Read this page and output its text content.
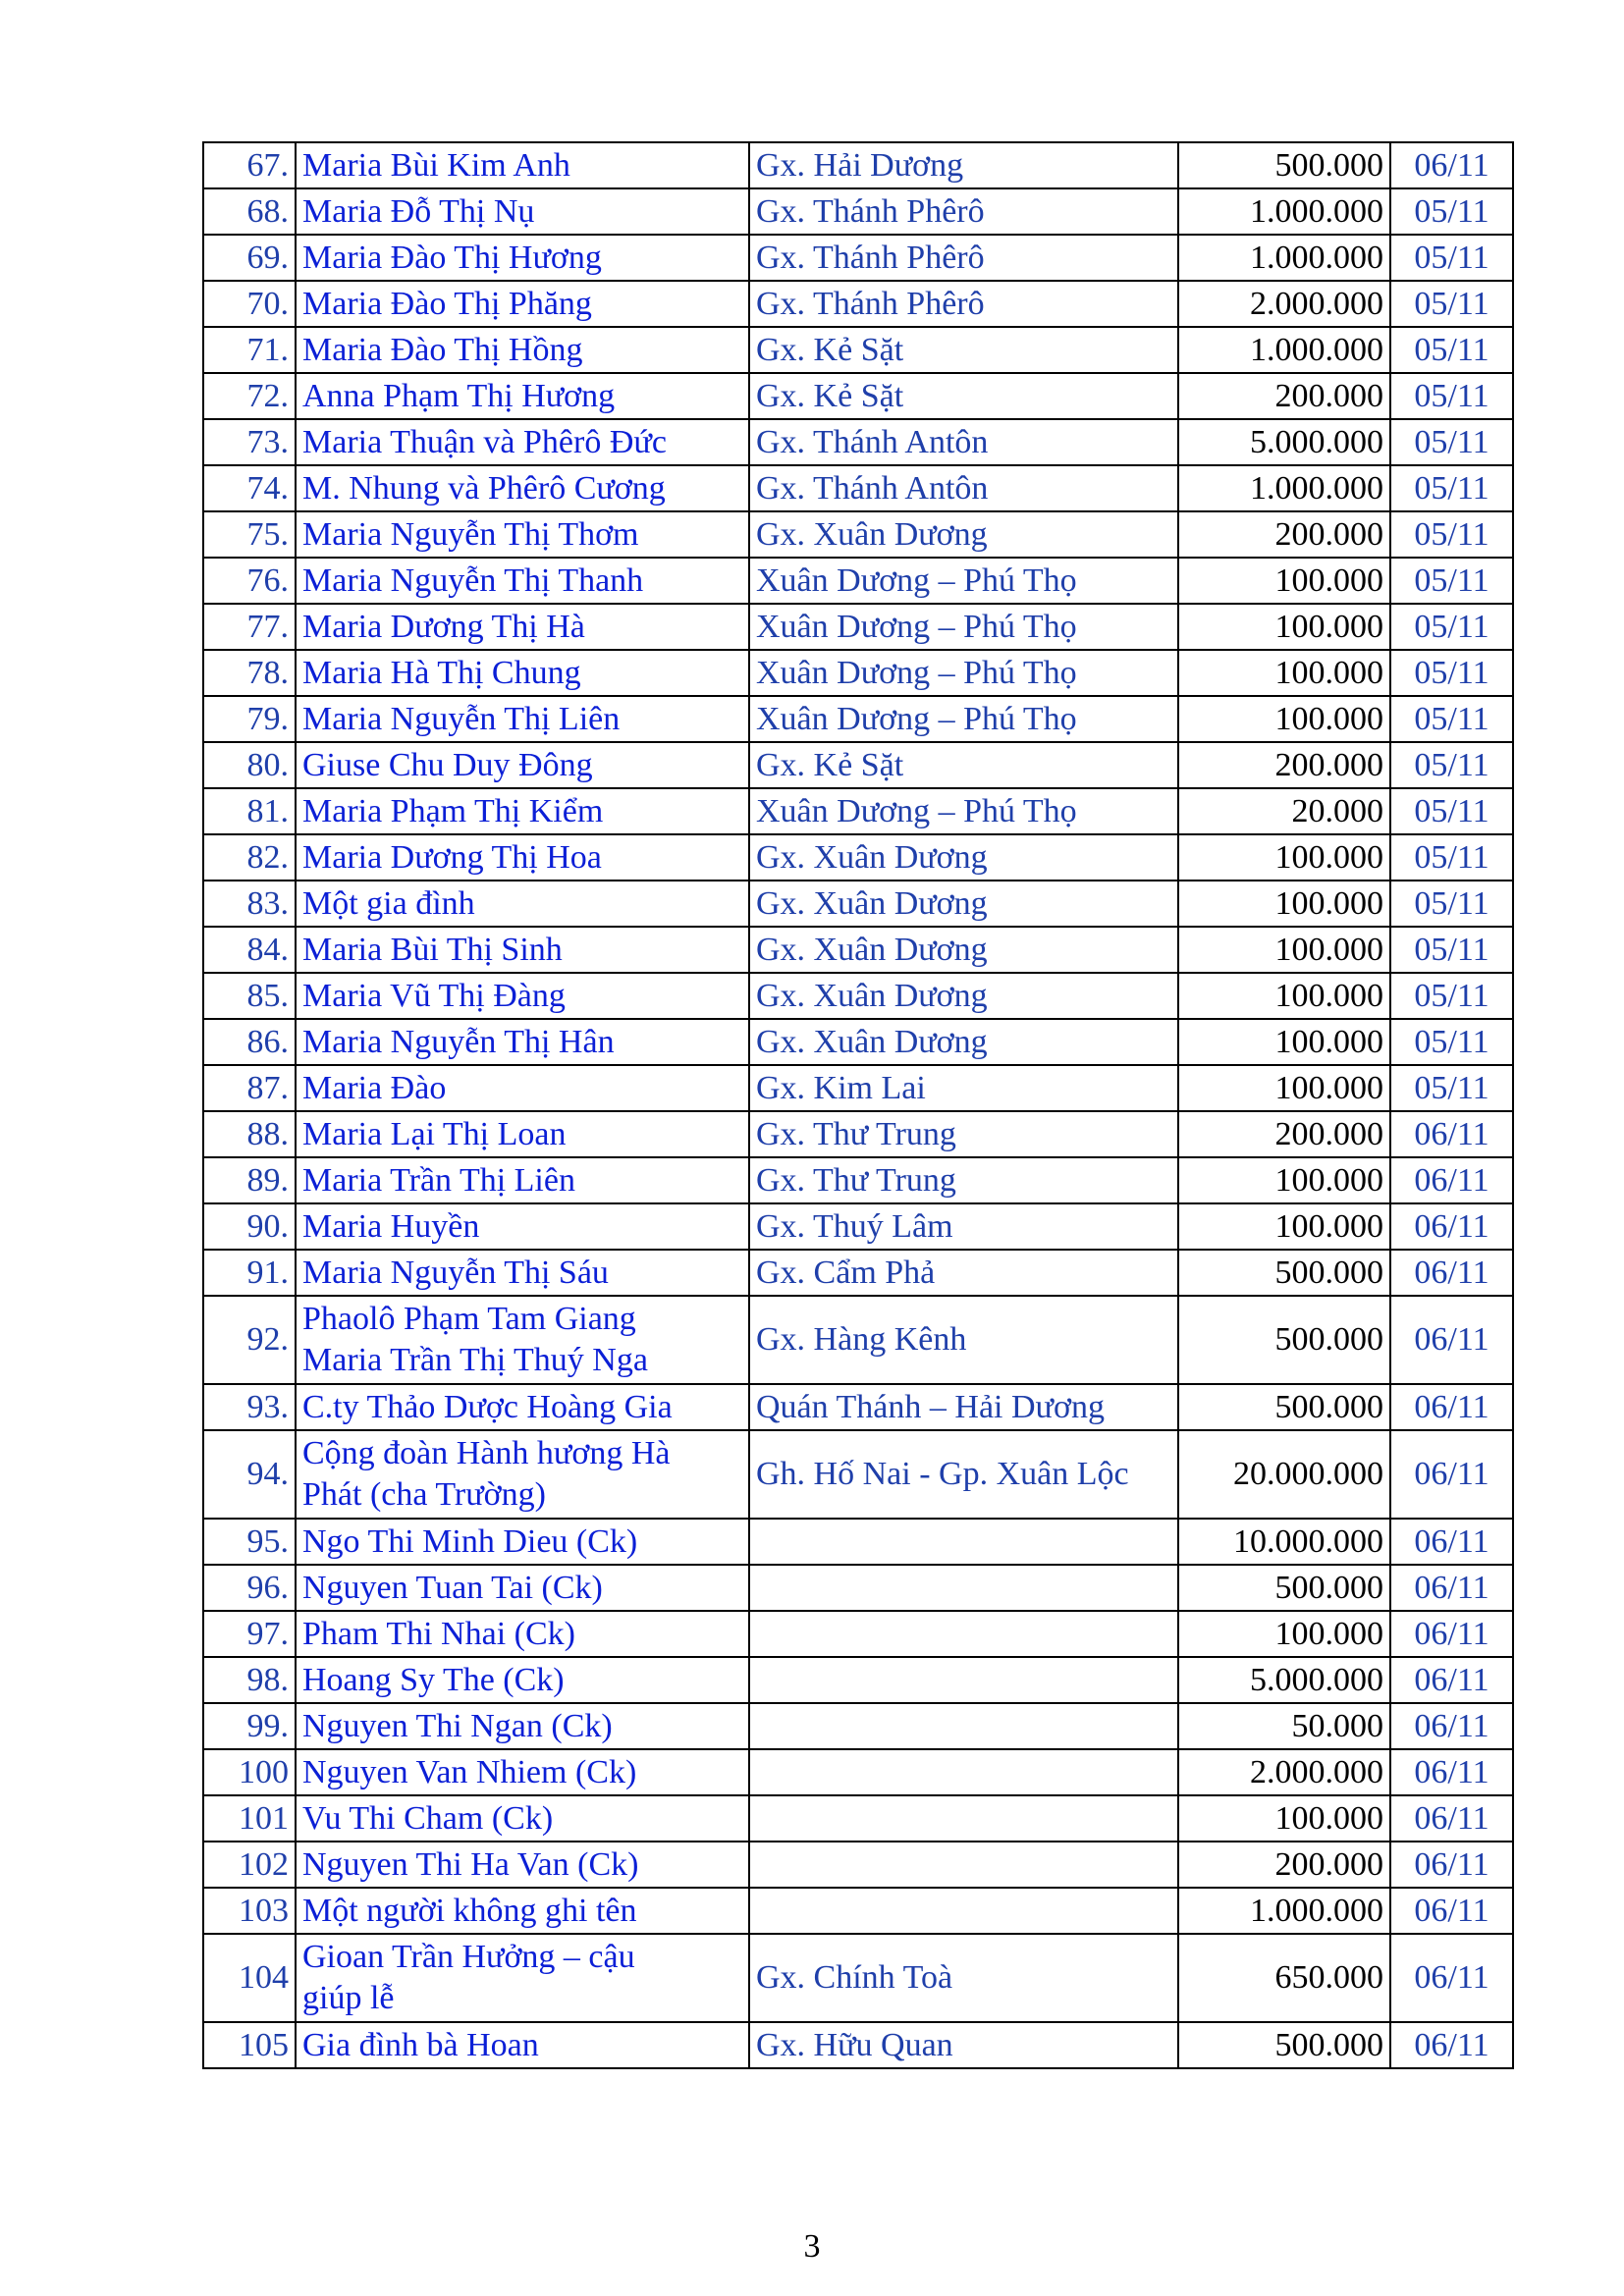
67.	Maria Bùi Kim Anh	Gx. Hải Dương	500.000	06/11
68.	Maria Đỗ Thị Nụ	Gx. Thánh Phêrô	1.000.000	05/11
69.	Maria Đào Thị Hương	Gx. Thánh Phêrô	1.000.000	05/11
70.	Maria Đào Thị Phăng	Gx. Thánh Phêrô	2.000.000	05/11
71.	Maria Đào Thị Hồng	Gx. Kẻ Sặt	1.000.000	05/11
72.	Anna Phạm Thị Hương	Gx. Kẻ Sặt	200.000	05/11
73.	Maria Thuận và Phêrô Đức	Gx. Thánh Antôn	5.000.000	05/11
74.	M. Nhung và Phêrô Cương	Gx. Thánh Antôn	1.000.000	05/11
75.	Maria Nguyễn Thị Thơm	Gx. Xuân Dương	200.000	05/11
76.	Maria Nguyễn Thị Thanh	Xuân Dương – Phú Thọ	100.000	05/11
77.	Maria Dương Thị Hà	Xuân Dương – Phú Thọ	100.000	05/11
78.	Maria Hà Thị Chung	Xuân Dương – Phú Thọ	100.000	05/11
79.	Maria Nguyễn Thị Liên	Xuân Dương – Phú Thọ	100.000	05/11
80.	Giuse Chu Duy Đông	Gx. Kẻ Sặt	200.000	05/11
81.	Maria Phạm Thị Kiểm	Xuân Dương – Phú Thọ	20.000	05/11
82.	Maria Dương Thị Hoa	Gx. Xuân Dương	100.000	05/11
83.	Một gia đình	Gx. Xuân Dương	100.000	05/11
84.	Maria Bùi Thị Sinh	Gx. Xuân Dương	100.000	05/11
85.	Maria Vũ Thị Đàng	Gx. Xuân Dương	100.000	05/11
86.	Maria Nguyễn Thị Hân	Gx. Xuân Dương	100.000	05/11
87.	Maria Đào	Gx. Kim Lai	100.000	05/11
88.	Maria Lại Thị Loan	Gx. Thư Trung	200.000	06/11
89.	Maria Trần Thị Liên	Gx. Thư Trung	100.000	06/11
90.	Maria Huyền	Gx. Thuý Lâm	100.000	06/11
91.	Maria Nguyễn Thị Sáu	Gx. Cẩm Phả	500.000	06/11
92.	Phaolô Phạm Tam Giang
Maria Trần Thị Thuý Nga	Gx. Hàng Kênh	500.000	06/11
93.	C.ty Thảo Dược Hoàng Gia	Quán Thánh – Hải Dương	500.000	06/11
94.	Cộng đoàn Hành hương Hà
Phát (cha Trường)	Gh. Hố Nai - Gp. Xuân Lộc	20.000.000	06/11
95.	Ngo Thi Minh Dieu (Ck)		10.000.000	06/11
96.	Nguyen Tuan Tai (Ck)		500.000	06/11
97.	Pham Thi Nhai (Ck)		100.000	06/11
98.	Hoang Sy The (Ck)		5.000.000	06/11
99.	Nguyen Thi Ngan (Ck)		50.000	06/11
100	Nguyen Van Nhiem (Ck)		2.000.000	06/11
101	Vu Thi Cham (Ck)		100.000	06/11
102	Nguyen Thi Ha Van (Ck)		200.000	06/11
103	Một người không ghi tên		1.000.000	06/11
104	Gioan Trần Hưởng – cậu
giúp lễ	Gx. Chính Toà	650.000	06/11
105	Gia đình bà Hoan	Gx. Hữu Quan	500.000	06/11
3
